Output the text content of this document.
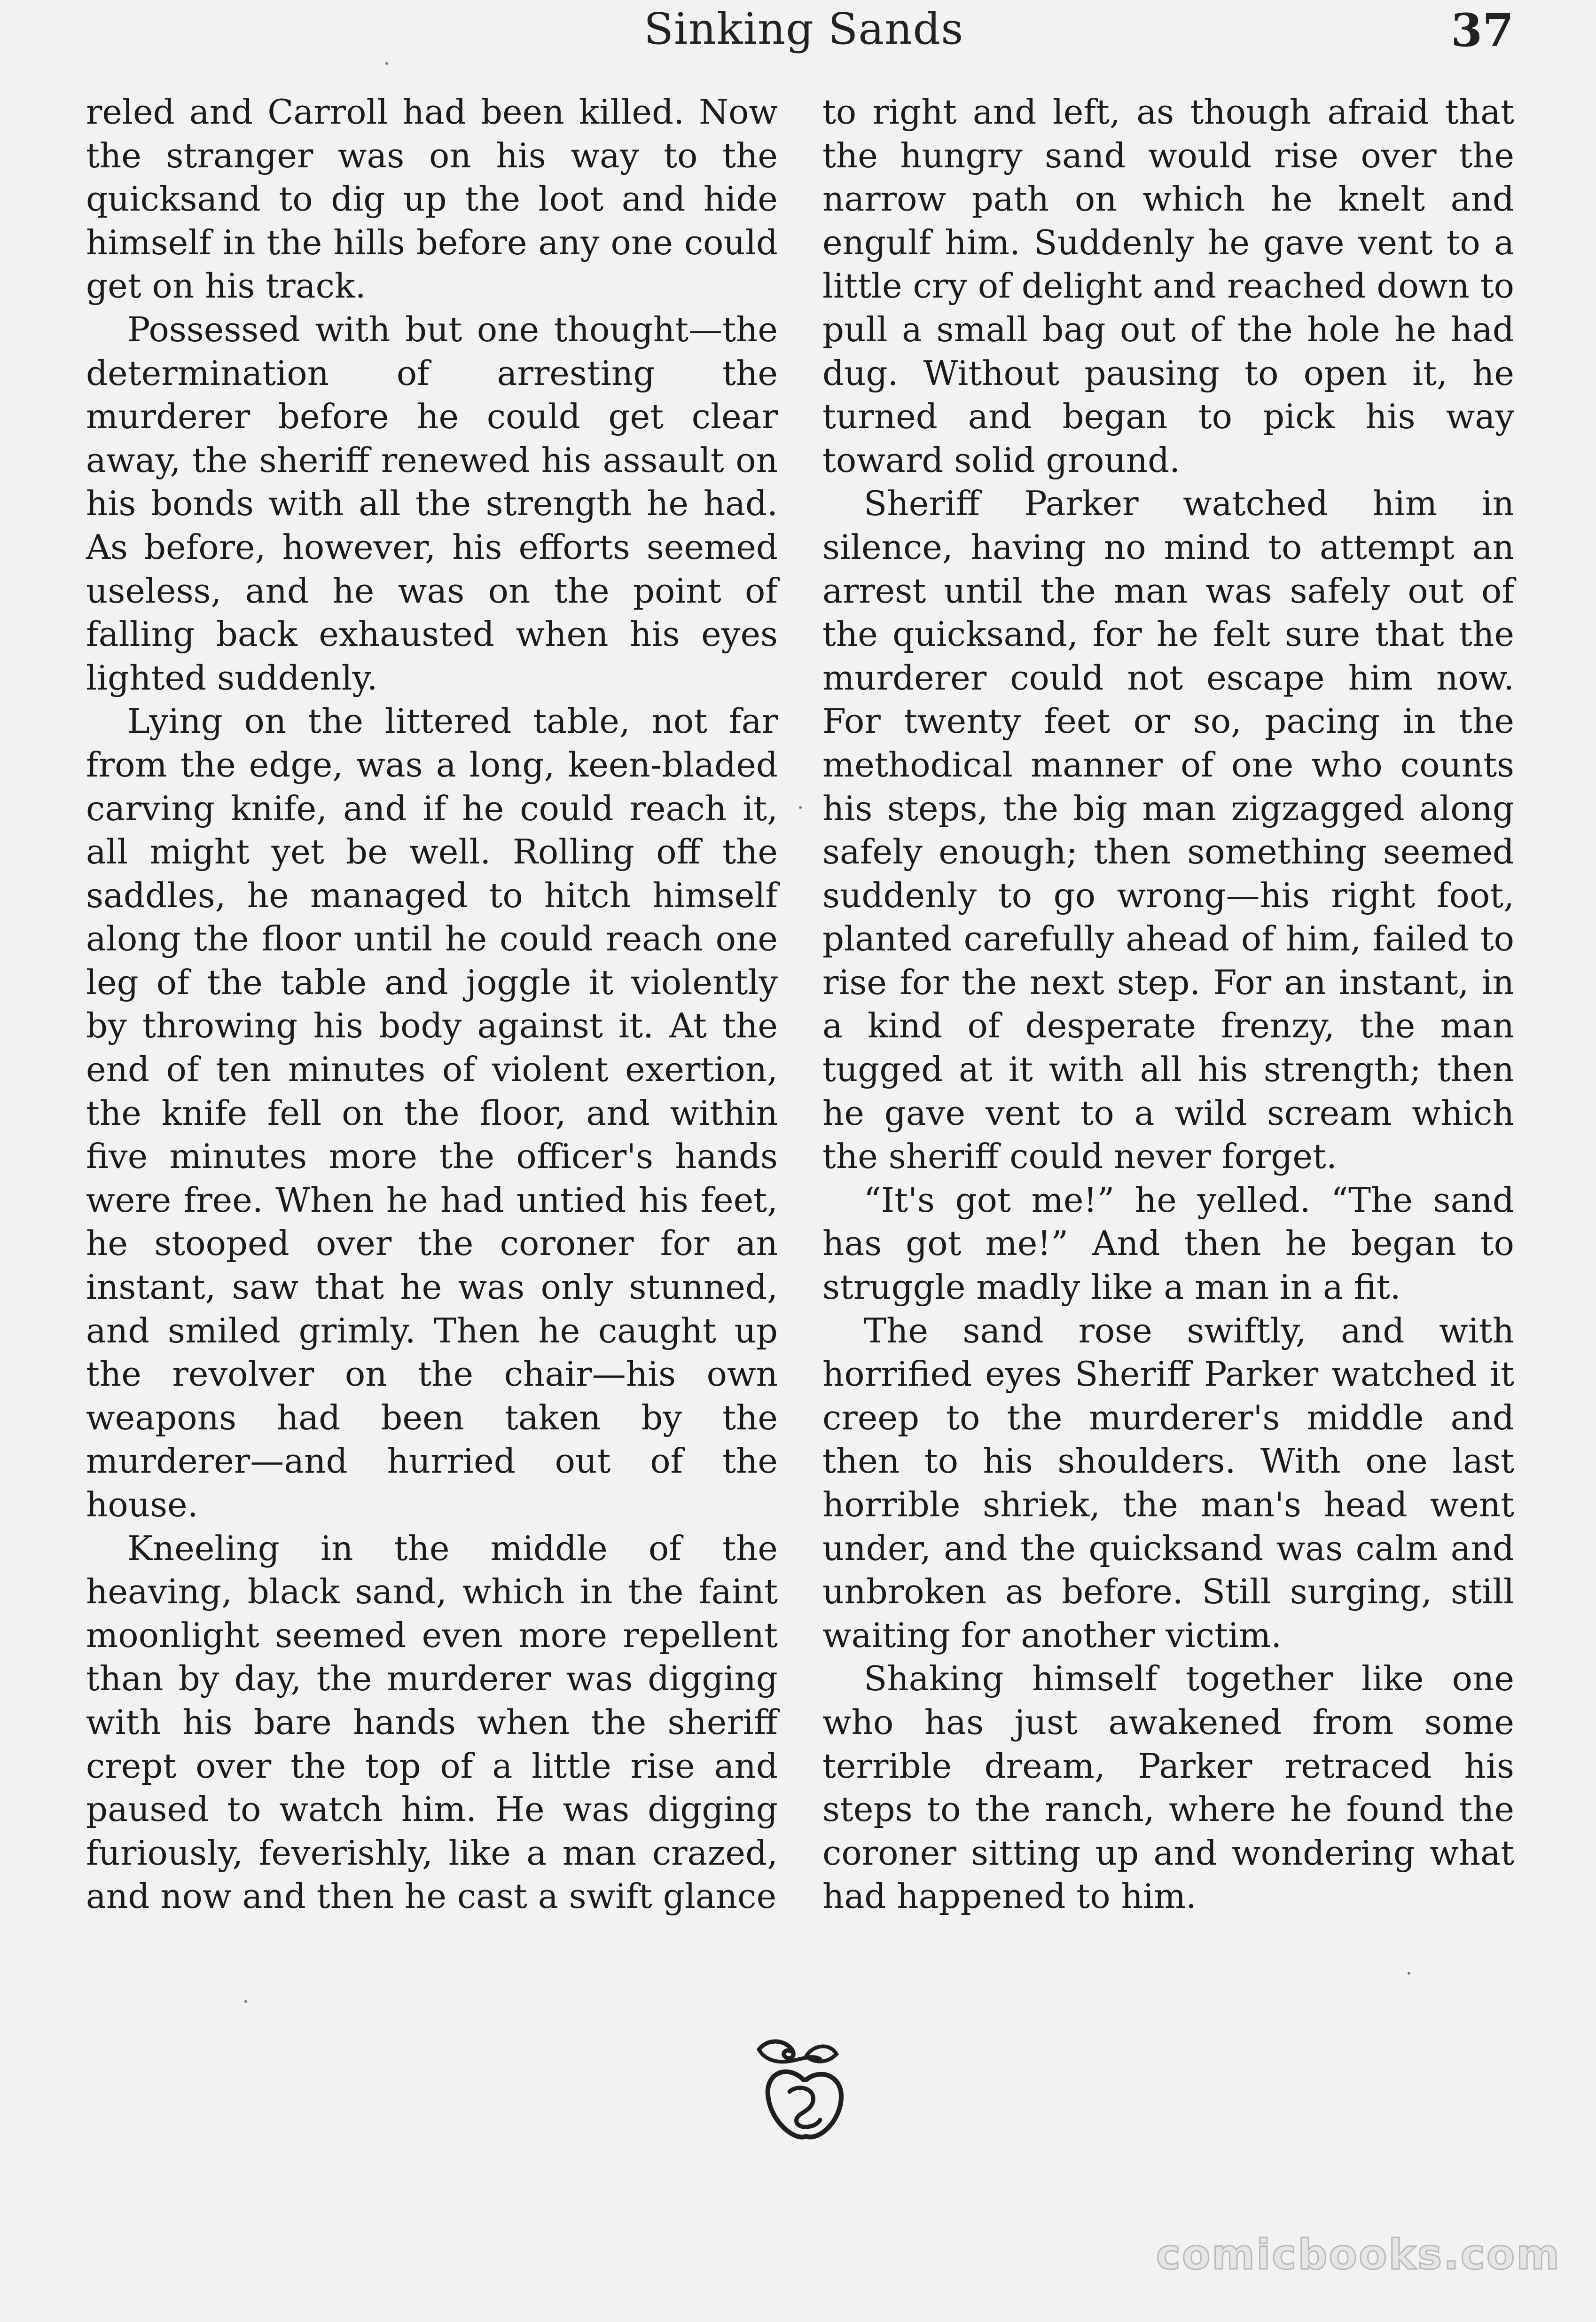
Sinking Sands	37

reled and Carroll had been killed. Now the stranger was on his way to the quicksand to dig up the loot and hide himself in the hills before any one could get on his track.

Possessed with but one thought—the determination of arresting the murderer before he could get clear away, the sheriff renewed his assault on his bonds with all the strength he had. As before, however, his efforts seemed useless, and he was on the point of falling back exhausted when his eyes lighted suddenly.

Lying on the littered table, not far from the edge, was a long, keen-bladed carving knife, and if he could reach it, all might yet be well. Rolling off the saddles, he managed to hitch himself along the floor until he could reach one leg of the table and joggle it violently by throwing his body against it. At the end of ten minutes of violent exertion, the knife fell on the floor, and within five minutes more the officer's hands were free. When he had untied his feet, he stooped over the coroner for an instant, saw that he was only stunned, and smiled grimly. Then he caught up the revolver on the chair—his own weapons had been taken by the murderer—and hurried out of the house.

Kneeling in the middle of the heaving, black sand, which in the faint moonlight seemed even more repellent than by day, the murderer was digging with his bare hands when the sheriff crept over the top of a little rise and paused to watch him. He was digging furiously, feverishly, like a man crazed, and now and then he cast a swift glance

to right and left, as though afraid that the hungry sand would rise over the narrow path on which he knelt and engulf him. Suddenly he gave vent to a little cry of delight and reached down to pull a small bag out of the hole he had dug. Without pausing to open it, he turned and began to pick his way toward solid ground.

Sheriff Parker watched him in silence, having no mind to attempt an arrest until the man was safely out of the quicksand, for he felt sure that the murderer could not escape him now. For twenty feet or so, pacing in the methodical manner of one who counts his steps, the big man zigzagged along safely enough; then something seemed suddenly to go wrong—his right foot, planted carefully ahead of him, failed to rise for the next step. For an instant, in a kind of desperate frenzy, the man tugged at it with all his strength; then he gave vent to a wild scream which the sheriff could never forget.

“It's got me!” he yelled. “The sand has got me!” And then he began to struggle madly like a man in a fit.

The sand rose swiftly, and with horrified eyes Sheriff Parker watched it creep to the murderer's middle and then to his shoulders. With one last horrible shriek, the man's head went under, and the quicksand was calm and unbroken as before. Still surging, still waiting for another victim.

Shaking himself together like one who has just awakened from some terrible dream, Parker retraced his steps to the ranch, where he found the coroner sitting up and wondering what had happened to him.

comicbooks.com
